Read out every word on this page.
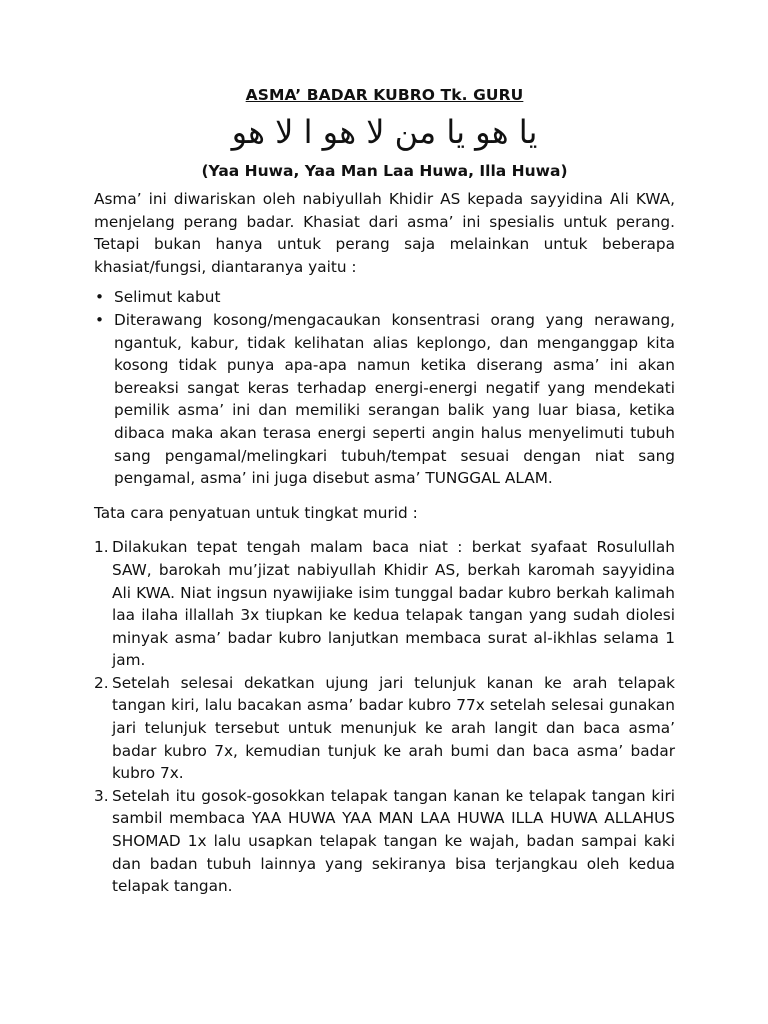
ASMA’ BADAR KUBRO Tk. GURU
يا هو يا من لا هو ا لا هو
(Yaa Huwa, Yaa Man Laa Huwa, Illa Huwa)

Asma’ ini diwariskan oleh nabiyullah Khidir AS kepada sayyidina Ali KWA, menjelang perang badar. Khasiat dari asma’ ini spesialis untuk perang. Tetapi bukan hanya untuk perang saja melainkan untuk beberapa khasiat/fungsi, diantaranya yaitu :

• Selimut kabut
• Diterawang kosong/mengacaukan konsentrasi orang yang nerawang, ngantuk, kabur, tidak kelihatan alias keplongo, dan menganggap kita kosong tidak punya apa-apa namun ketika diserang asma’ ini akan bereaksi sangat keras terhadap energi-energi negatif yang mendekati pemilik asma’ ini dan memiliki serangan balik yang luar biasa, ketika dibaca maka akan terasa energi seperti angin halus menyelimuti tubuh sang pengamal/melingkari tubuh/tempat sesuai dengan niat sang pengamal, asma’ ini juga disebut asma’ TUNGGAL ALAM.

Tata cara penyatuan untuk tingkat murid :

1. Dilakukan tepat tengah malam baca niat : berkat syafaat Rosulullah SAW, barokah mu’jizat nabiyullah Khidir AS, berkah karomah sayyidina Ali KWA. Niat ingsun nyawijiake isim tunggal badar kubro berkah kalimah laa ilaha illallah 3x tiupkan ke kedua telapak tangan yang sudah diolesi minyak asma’ badar kubro lanjutkan membaca surat al-ikhlas selama 1 jam.
2. Setelah selesai dekatkan ujung jari telunjuk kanan ke arah telapak tangan kiri, lalu bacakan asma’ badar kubro 77x setelah selesai gunakan jari telunjuk tersebut untuk menunjuk ke arah langit dan baca asma’ badar kubro 7x, kemudian tunjuk ke arah bumi dan baca asma’ badar kubro 7x.
3. Setelah itu gosok-gosokkan telapak tangan kanan ke telapak tangan kiri sambil membaca YAA HUWA YAA MAN LAA HUWA ILLA HUWA ALLAHUS SHOMAD 1x lalu usapkan telapak tangan ke wajah, badan sampai kaki dan badan tubuh lainnya yang sekiranya bisa terjangkau oleh kedua telapak tangan.
